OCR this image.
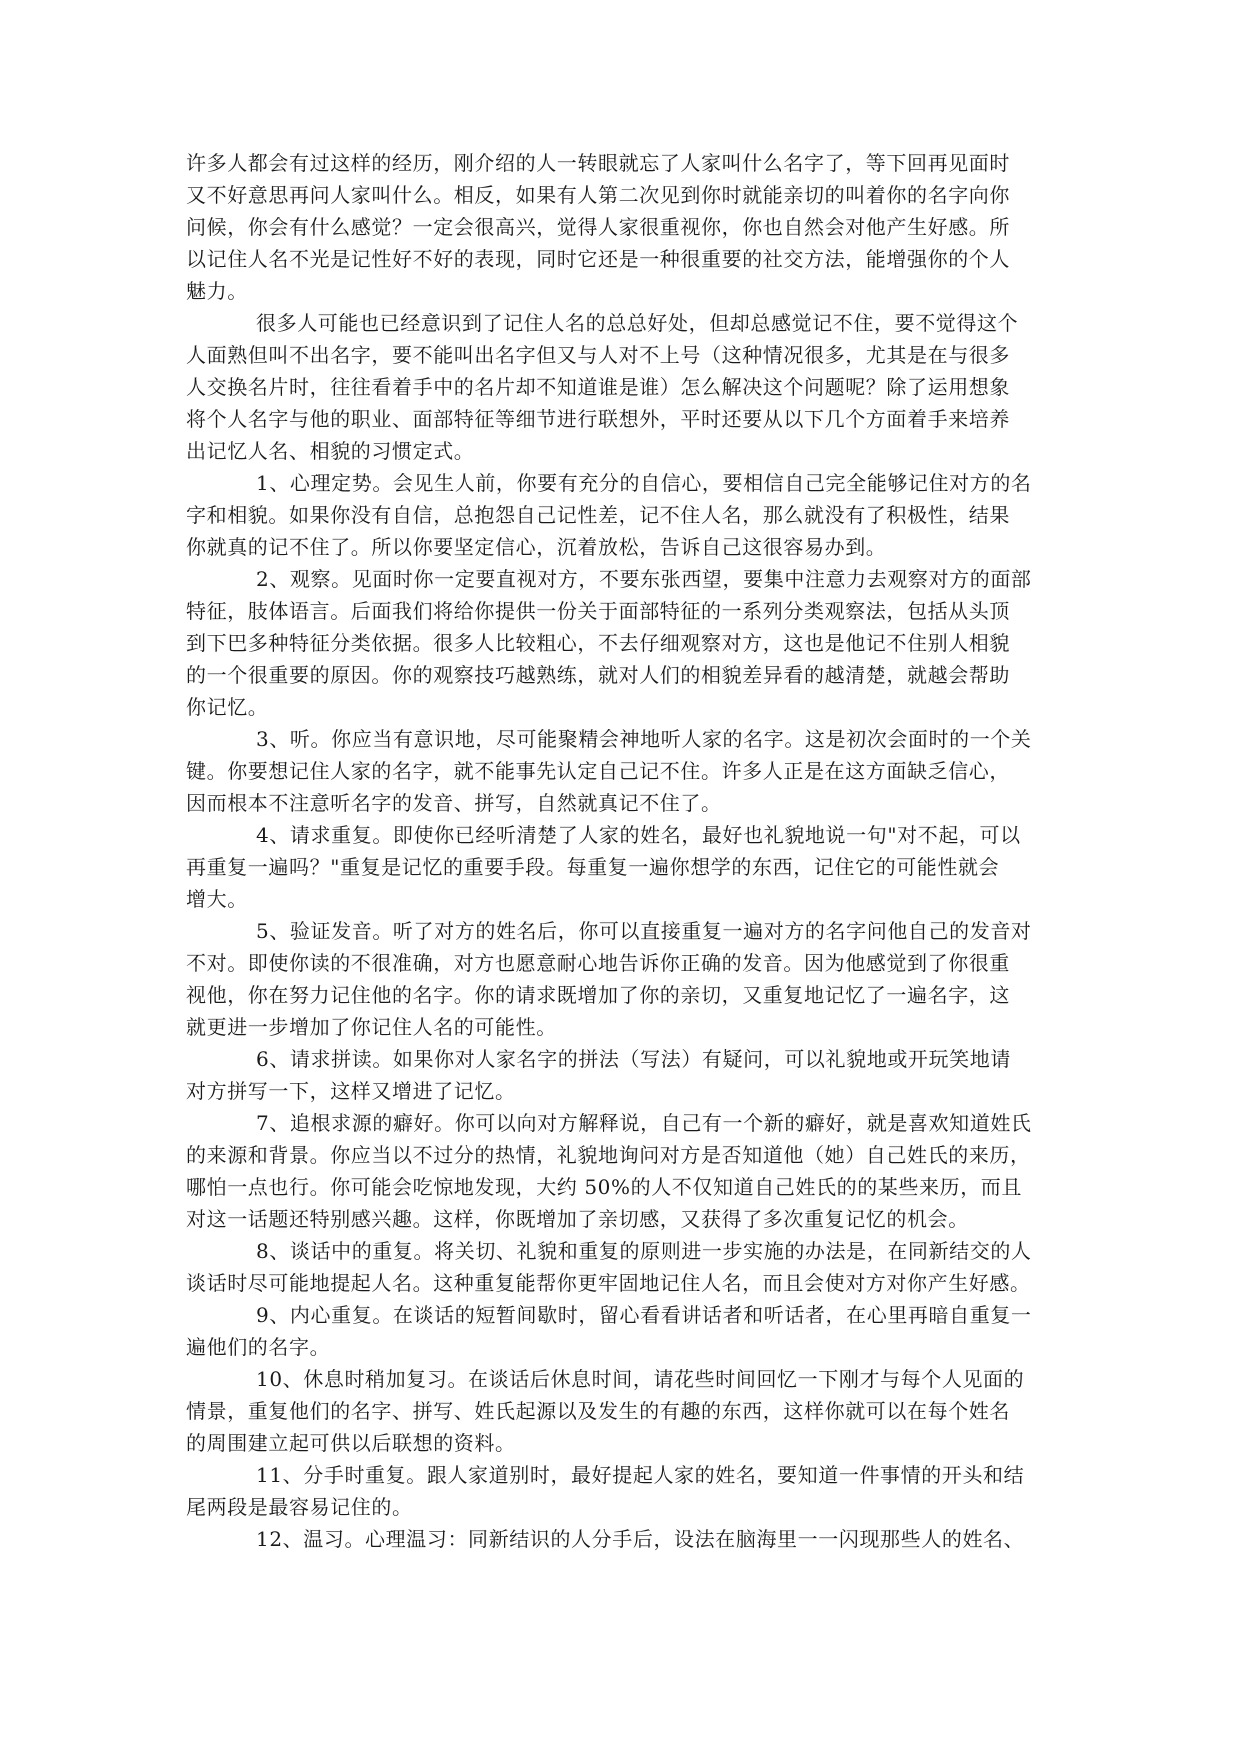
许多人都会有过这样的经历，刚介绍的人一转眼就忘了人家叫什么名字了，等下回再见面时
又不好意思再问人家叫什么。相反，如果有人第二次见到你时就能亲切的叫着你的名字向你
问候，你会有什么感觉？一定会很高兴，觉得人家很重视你，你也自然会对他产生好感。所
以记住人名不光是记性好不好的表现，同时它还是一种很重要的社交方法，能增强你的个人
魅力。
很多人可能也已经意识到了记住人名的总总好处，但却总感觉记不住，要不觉得这个
人面熟但叫不出名字，要不能叫出名字但又与人对不上号（这种情况很多，尤其是在与很多
人交换名片时，往往看着手中的名片却不知道谁是谁）怎么解决这个问题呢？除了运用想象
将个人名字与他的职业、面部特征等细节进行联想外，平时还要从以下几个方面着手来培养
出记忆人名、相貌的习惯定式。
1、心理定势。会见生人前，你要有充分的自信心，要相信自己完全能够记住对方的名
字和相貌。如果你没有自信，总抱怨自己记性差，记不住人名，那么就没有了积极性，结果
你就真的记不住了。所以你要坚定信心，沉着放松，告诉自己这很容易办到。
2、观察。见面时你一定要直视对方，不要东张西望，要集中注意力去观察对方的面部
特征，肢体语言。后面我们将给你提供一份关于面部特征的一系列分类观察法，包括从头顶
到下巴多种特征分类依据。很多人比较粗心，不去仔细观察对方，这也是他记不住别人相貌
的一个很重要的原因。你的观察技巧越熟练，就对人们的相貌差异看的越清楚，就越会帮助
你记忆。
3、听。你应当有意识地，尽可能聚精会神地听人家的名字。这是初次会面时的一个关
键。你要想记住人家的名字，就不能事先认定自己记不住。许多人正是在这方面缺乏信心，
因而根本不注意听名字的发音、拼写，自然就真记不住了。
4、请求重复。即使你已经听清楚了人家的姓名，最好也礼貌地说一句"对不起，可以
再重复一遍吗？"重复是记忆的重要手段。每重复一遍你想学的东西，记住它的可能性就会
增大。
5、验证发音。听了对方的姓名后，你可以直接重复一遍对方的名字问他自己的发音对
不对。即使你读的不很准确，对方也愿意耐心地告诉你正确的发音。因为他感觉到了你很重
视他，你在努力记住他的名字。你的请求既增加了你的亲切，又重复地记忆了一遍名字，这
就更进一步增加了你记住人名的可能性。
6、请求拼读。如果你对人家名字的拼法（写法）有疑问，可以礼貌地或开玩笑地请
对方拼写一下，这样又增进了记忆。
7、追根求源的癖好。你可以向对方解释说，自己有一个新的癖好，就是喜欢知道姓氏
的来源和背景。你应当以不过分的热情，礼貌地询问对方是否知道他（她）自己姓氏的来历，
哪怕一点也行。你可能会吃惊地发现，大约 50%的人不仅知道自己姓氏的的某些来历，而且
对这一话题还特别感兴趣。这样，你既增加了亲切感，又获得了多次重复记忆的机会。
8、谈话中的重复。将关切、礼貌和重复的原则进一步实施的办法是，在同新结交的人
谈话时尽可能地提起人名。这种重复能帮你更牢固地记住人名，而且会使对方对你产生好感。
9、内心重复。在谈话的短暂间歇时，留心看看讲话者和听话者，在心里再暗自重复一
遍他们的名字。
10、休息时稍加复习。在谈话后休息时间，请花些时间回忆一下刚才与每个人见面的
情景，重复他们的名字、拼写、姓氏起源以及发生的有趣的东西，这样你就可以在每个姓名
的周围建立起可供以后联想的资料。
11、分手时重复。跟人家道别时，最好提起人家的姓名，要知道一件事情的开头和结
尾两段是最容易记住的。
12、温习。心理温习：同新结识的人分手后，设法在脑海里一一闪现那些人的姓名、
